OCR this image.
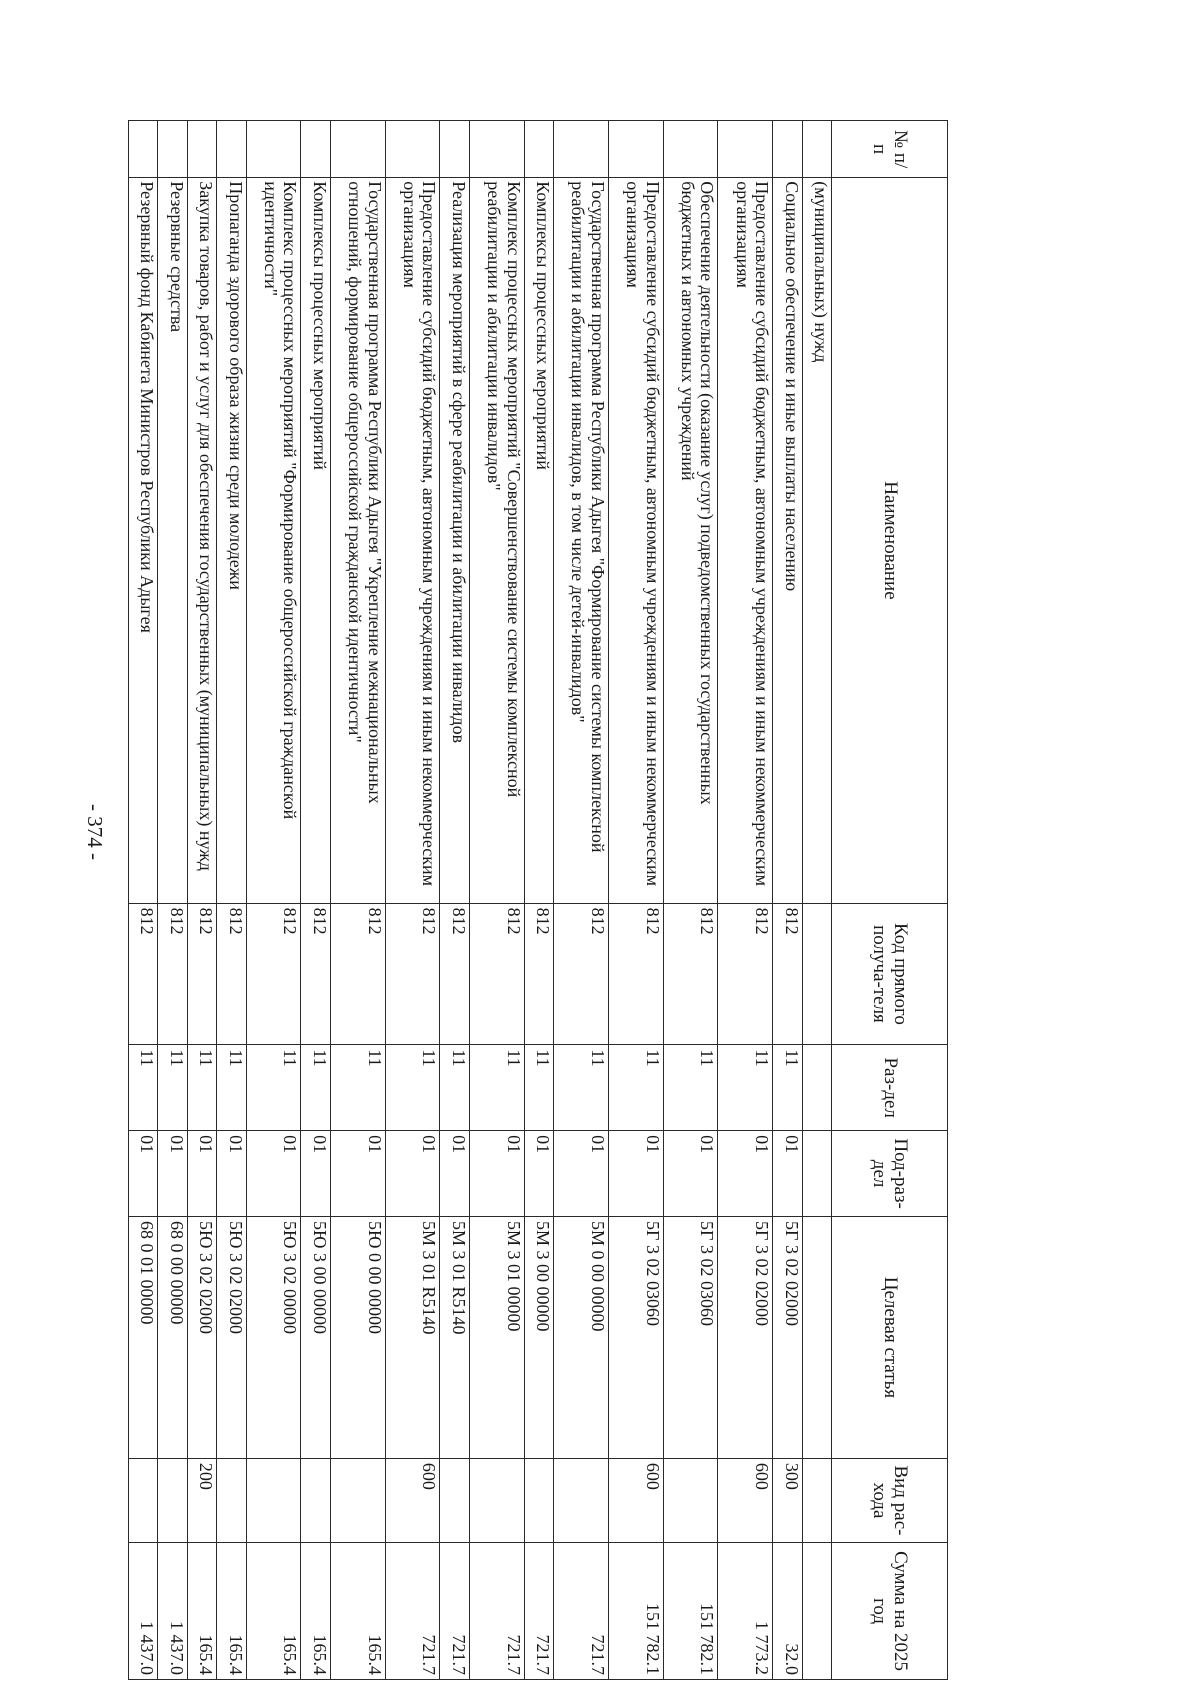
- 374 -
№ п/п	Наименование	Код прямого получа-теля	Раз-дел	Под-раз-дел	Целевая статья	Вид рас-хода	Сумма на 2025 год
	(муниципальных) нужд						
	Социальное обеспечение и иные выплаты населению	812	11	01	5Г 3 02 02000	300	32.0
	Предоставление субсидий бюджетным, автономным учреждениям и иным некоммерческим организациям	812	11	01	5Г 3 02 02000	600	1 773.2
	Обеспечение деятельности (оказание услуг) подведомственных государственных бюджетных и автономных учреждений	812	11	01	5Г 3 02 03060		151 782.1
	Предоставление субсидий бюджетным, автономным учреждениям и иным некоммерческим организациям	812	11	01	5Г 3 02 03060	600	151 782.1
	Государственная программа Республики Адыгея "Формирование системы комплексной реабилитации и абилитации инвалидов, в том числе детей-инвалидов"	812	11	01	5М 0 00 00000		721.7
	Комплексы процессных мероприятий	812	11	01	5М 3 00 00000		721.7
	Комплекс процессных мероприятий "Совершенствование системы комплексной реабилитации и абилитации инвалидов"	812	11	01	5М 3 01 00000		721.7
	Реализация мероприятий в сфере реабилитации и абилитации инвалидов	812	11	01	5М 3 01 R5140		721.7
	Предоставление субсидий бюджетным, автономным учреждениям и иным некоммерческим организациям	812	11	01	5М 3 01 R5140	600	721.7
	Государственная программа Республики Адыгея "Укрепление межнациональных отношений, формирование общероссийской гражданской идентичности"	812	11	01	5Ю 0 00 00000		165.4
	Комплексы процессных мероприятий	812	11	01	5Ю 3 00 00000		165.4
	Комплекс процессных мероприятий "Формирование общероссийской гражданской идентичности"	812	11	01	5Ю 3 02 00000		165.4
	Пропаганда здорового образа жизни среди молодежи	812	11	01	5Ю 3 02 02000		165.4
	Закупка товаров, работ и услуг для обеспечения государственных (муниципальных) нужд	812	11	01	5Ю 3 02 02000	200	165.4
	Резервные средства	812	11	01	68 0 00 00000		1 437.0
	Резервный фонд Кабинета Министров Республики Адыгея	812	11	01	68 0 01 00000		1 437.0
